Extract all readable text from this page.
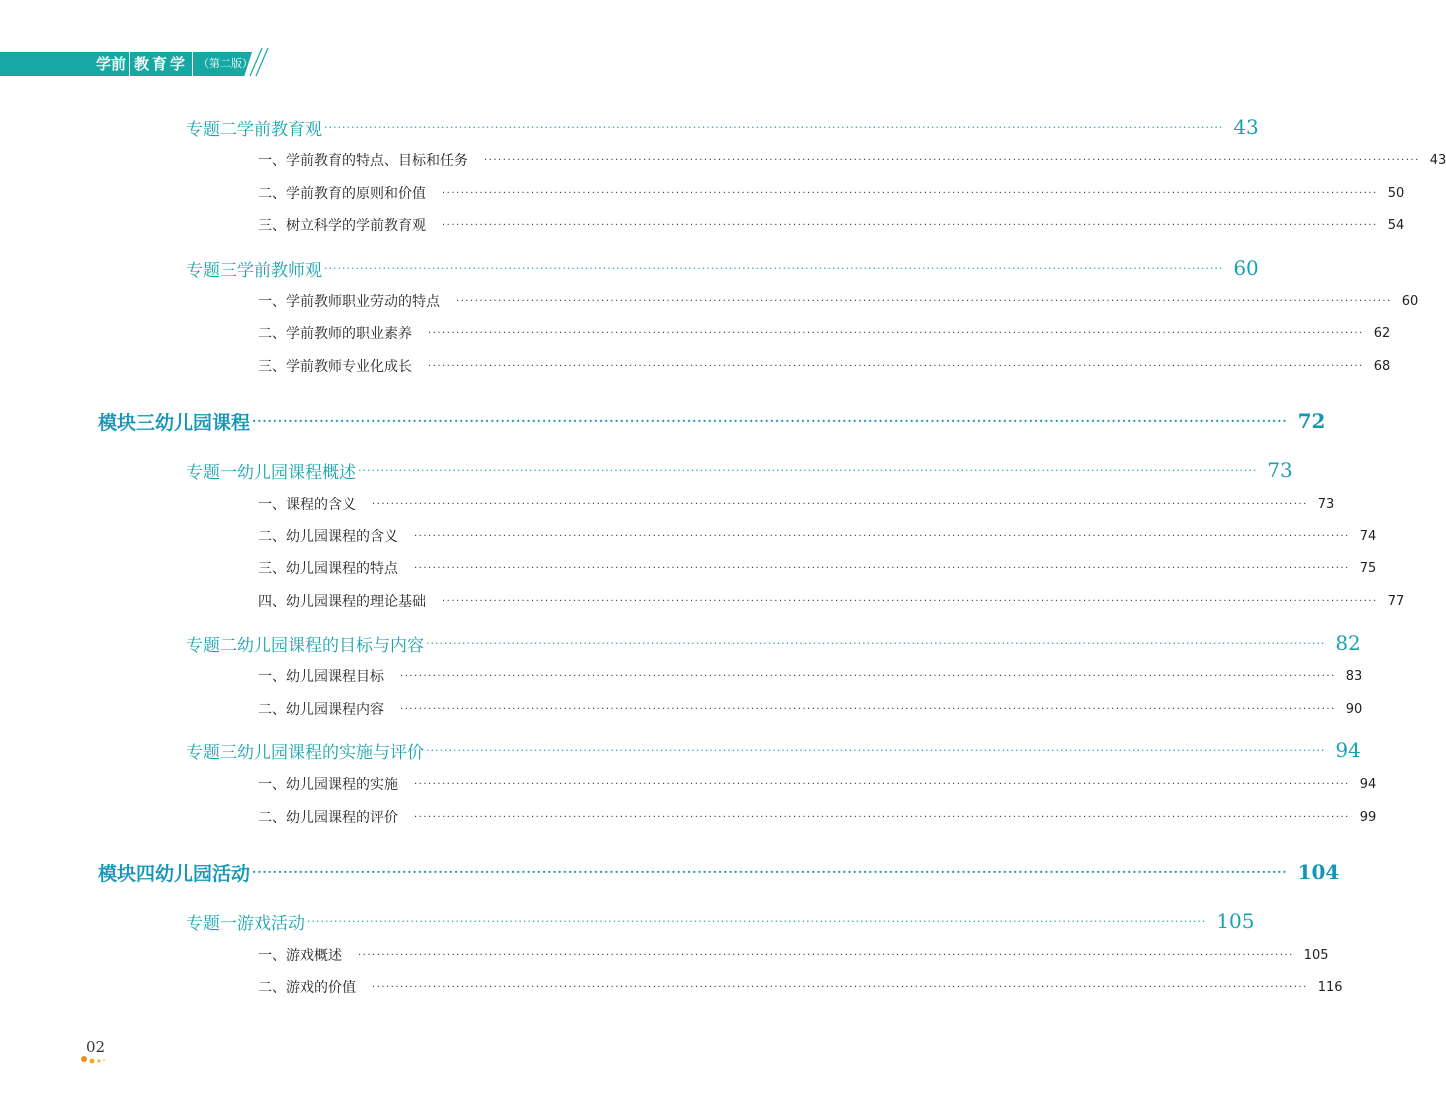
学前 教育学 （第二版）
专题二 学前教育观 ········································································································································································································ 43
一、学前教育的特点、目标和任务 ········································································································································································································ 43
二、学前教育的原则和价值 ········································································································································································································ 50
三、树立科学的学前教育观 ········································································································································································································ 54
专题三 学前教师观 ········································································································································································································ 60
一、学前教师职业劳动的特点 ········································································································································································································ 60
二、学前教师的职业素养 ········································································································································································································ 62
三、学前教师专业化成长 ········································································································································································································ 68
模块三 幼儿园课程 ········································································································································································································ 72
专题一 幼儿园课程概述 ········································································································································································································ 73
一、课程的含义 ········································································································································································································ 73
二、幼儿园课程的含义 ········································································································································································································ 74
三、幼儿园课程的特点 ········································································································································································································ 75
四、幼儿园课程的理论基础 ········································································································································································································ 77
专题二 幼儿园课程的目标与内容 ········································································································································································································ 82
一、幼儿园课程目标 ········································································································································································································ 83
二、幼儿园课程内容 ········································································································································································································ 90
专题三 幼儿园课程的实施与评价 ········································································································································································································ 94
一、幼儿园课程的实施 ········································································································································································································ 94
二、幼儿园课程的评价 ········································································································································································································ 99
模块四 幼儿园活动 ········································································································································································································ 104
专题一 游戏活动 ········································································································································································································ 105
一、游戏概述 ········································································································································································································ 105
二、游戏的价值 ········································································································································································································ 116
02
